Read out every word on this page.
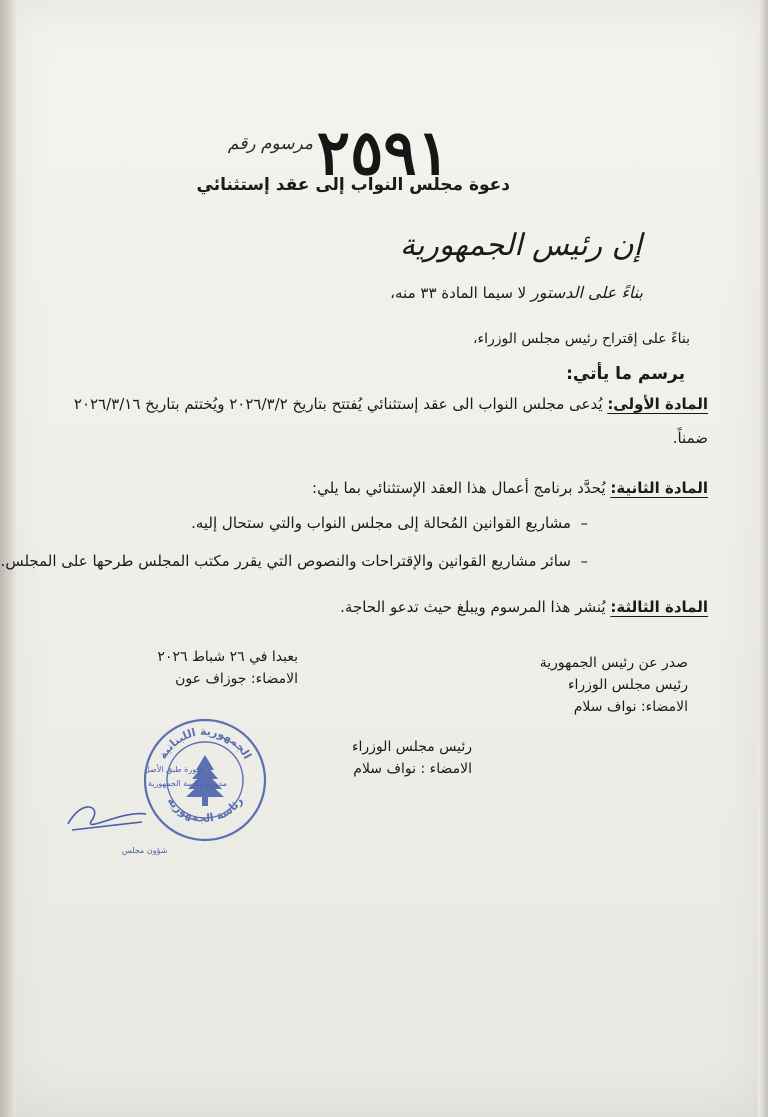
مرسوم رقم ٢٥٩١
دعوة مجلس النواب إلى عقد إستثنائي
إن رئيس الجمهورية
بناءً على الدستور لا سيما المادة ٣٣ منه،
بناءً على إقتراح رئيس مجلس الوزراء،
يرسم ما يأتي:
المادة الأولى: يُدعى مجلس النواب الى عقد إستثنائي يُفتتح بتاريخ ٢٠٢٦/٣/٢ ويُختتم بتاريخ ٢٠٢٦/٣/١٦
ضمناً.
المادة الثانية: يُحدَّد برنامج أعمال هذا العقد الإستثنائي بما يلي:
–  مشاريع القوانين المُحالة إلى مجلس النواب والتي ستحال إليه.
–  سائر مشاريع القوانين والإقتراحات والنصوص التي يقرر مكتب المجلس طرحها على المجلس.
المادة الثالثة: يُنشر هذا المرسوم ويبلغ حيث تدعو الحاجة.
بعبدا في ٢٦ شباط ٢٠٢٦
الامضاء: جوزاف عون
صدر عن رئيس الجمهورية
رئيس مجلس الوزراء
الامضاء: نواف سلام
رئيس مجلس الوزراء
الامضاء : نواف سلام
الجمهورية اللبنانية
رئاسة الجمهورية
صورة طبق الأصل
مديرية رئاسة الجمهورية
شؤون مجلس
